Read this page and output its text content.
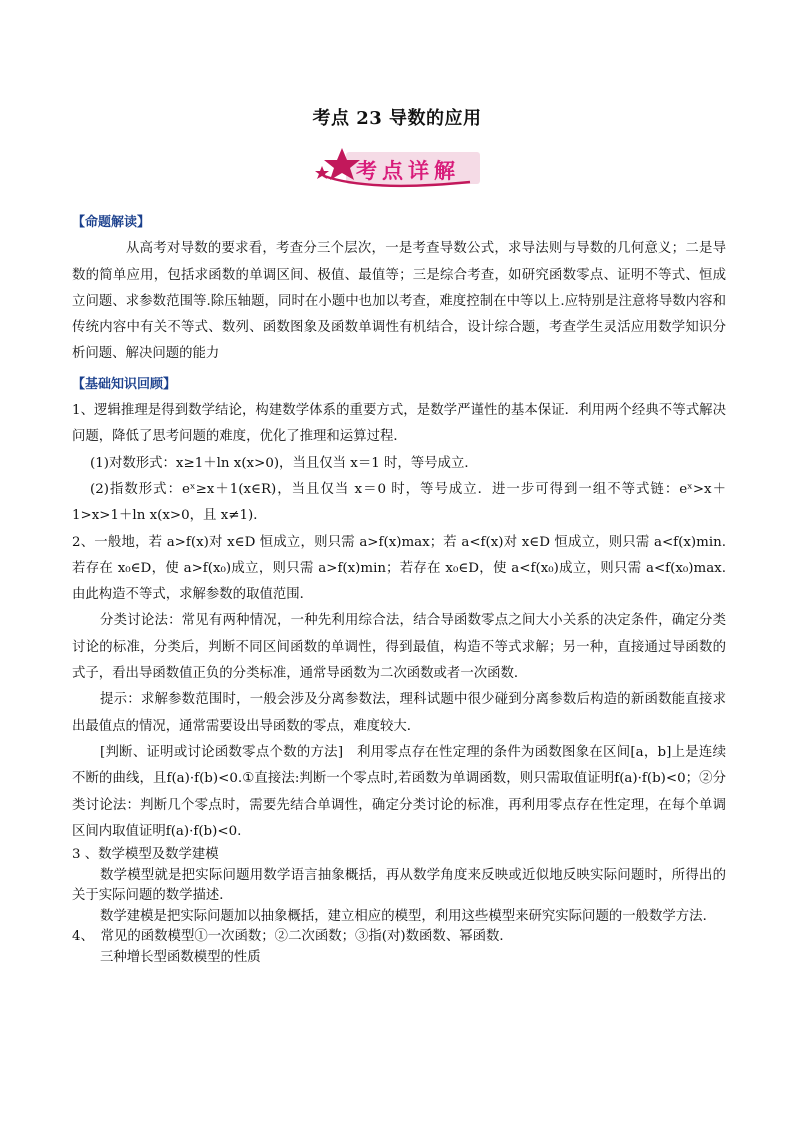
考点 23 导数的应用
考点详解

【命题解读】

从高考对导数的要求看，考查分三个层次，一是考查导数公式，求导法则与导数的几何意义；二是导数的简单应用，包括求函数的单调区间、极值、最值等；三是综合考查，如研究函数零点、证明不等式、恒成立问题、求参数范围等.除压轴题，同时在小题中也加以考查，难度控制在中等以上.应特别是注意将导数内容和传统内容中有关不等式、数列、函数图象及函数单调性有机结合，设计综合题，考查学生灵活应用数学知识分析问题、解决问题的能力

【基础知识回顾】

1、逻辑推理是得到数学结论，构建数学体系的重要方式，是数学严谨性的基本保证．利用两个经典不等式解决问题，降低了思考问题的难度，优化了推理和运算过程．

(1)对数形式：x≥1＋ln x(x>0)，当且仅当 x＝1 时，等号成立．

(2)指数形式：eˣ≥x＋1(x∈R)，当且仅当 x＝0 时，等号成立．进一步可得到一组不等式链：eˣ>x＋1>x>1＋ln x(x>0，且 x≠1)．

2、一般地，若 a>f(x)对 x∈D 恒成立，则只需 a>f(x)max；若 a<f(x)对 x∈D 恒成立，则只需 a<f(x)min.若存在 x₀∈D，使 a>f(x₀)成立，则只需 a>f(x)min；若存在 x₀∈D，使 a<f(x₀)成立，则只需 a<f(x₀)max.由此构造不等式，求解参数的取值范围．

分类讨论法：常见有两种情况，一种先利用综合法，结合导函数零点之间大小关系的决定条件，确定分类讨论的标准，分类后，判断不同区间函数的单调性，得到最值，构造不等式求解；另一种，直接通过导函数的式子，看出导函数值正负的分类标准，通常导函数为二次函数或者一次函数．

提示：求解参数范围时，一般会涉及分离参数法，理科试题中很少碰到分离参数后构造的新函数能直接求出最值点的情况，通常需要设出导函数的零点，难度较大．

[判断、证明或讨论函数零点个数的方法]　利用零点存在性定理的条件为函数图象在区间[a，b]上是连续不断的曲线，且f(a)·f(b)<0.①直接法:判断一个零点时,若函数为单调函数，则只需取值证明f(a)·f(b)<0；②分类讨论法：判断几个零点时，需要先结合单调性，确定分类讨论的标准，再利用零点存在性定理，在每个单调区间内取值证明f(a)·f(b)<0.

3 、数学模型及数学建模

数学模型就是把实际问题用数学语言抽象概括，再从数学角度来反映或近似地反映实际问题时，所得出的关于实际问题的数学描述．

数学建模是把实际问题加以抽象概括，建立相应的模型，利用这些模型来研究实际问题的一般数学方法．

4、　常见的函数模型①一次函数；②二次函数；③指(对)数函数、幂函数．

三种增长型函数模型的性质
